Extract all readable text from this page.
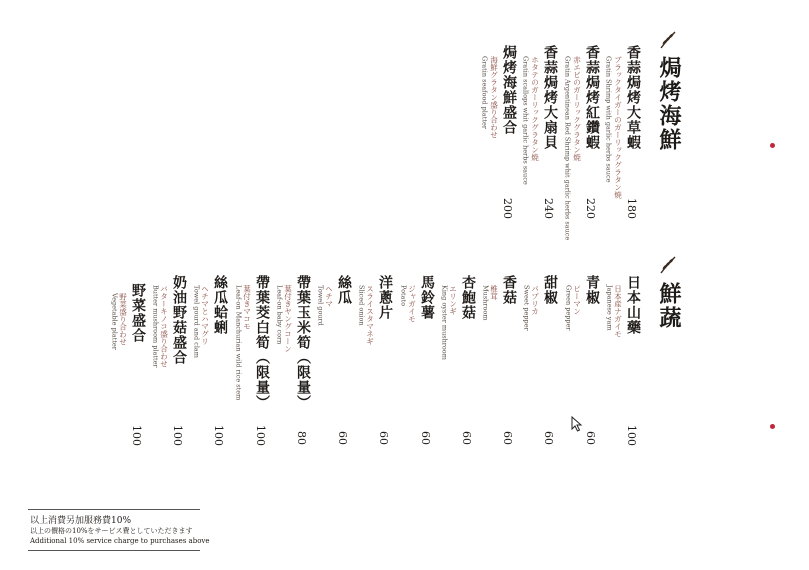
焗烤海鮮
香蒜焗烤大草蝦
ブラックタイガーのガーリックグラタン焼
Gratin Shrimp with garlic herbs sauce
180
香蒜焗烤紅鑽蝦
赤エビのガーリックグラタン焼
Gratin Argentinean Red Shrimp whit garlic herbs sauce 220
香蒜焗烤大扇貝
ホタテのガーリックグラタン焼
Gratin scallops whit garlic herbs sauce
240
焗烤海鮮盛合
海鮮グラタン盛り合わせ
Gratin seafood platter
200
鮮蔬
日本山藥
日本産ナガイモ
Japanese yam
100
青椒
ピーマン
Green pepper
60
甜椒
パプリカ
Sweet pepper
60
香菇
椎茸
Mushroom
60
杏鮑菇
エリンギ
King oyster mushroom
60
馬鈴薯
ジャガイモ
Potato
60
洋蔥片
スライスタマネギ
Sliced onion
60
絲瓜
ヘチマ
Towel gourd
60
帶葉玉米筍（限量）
葉付きヤングコーン
Leaf-on baby corn
80
帶葉茭白筍（限量）
葉付きマコモ
Leaf-on Manchurian wild rice stem
100
絲瓜蛤蜊
ヘチマとハマグリ
Towel gourd and clam
100
奶油野菇盛合
バターキノコ盛り合わせ
Butter mushroom platter
100
野菜盛合
野菜盛り合わせ
Vegetable platter
100
以上消費另加服務費10%
以上の價格の10%をサービス費としていただきます
Additional 10% service charge to purchases above
